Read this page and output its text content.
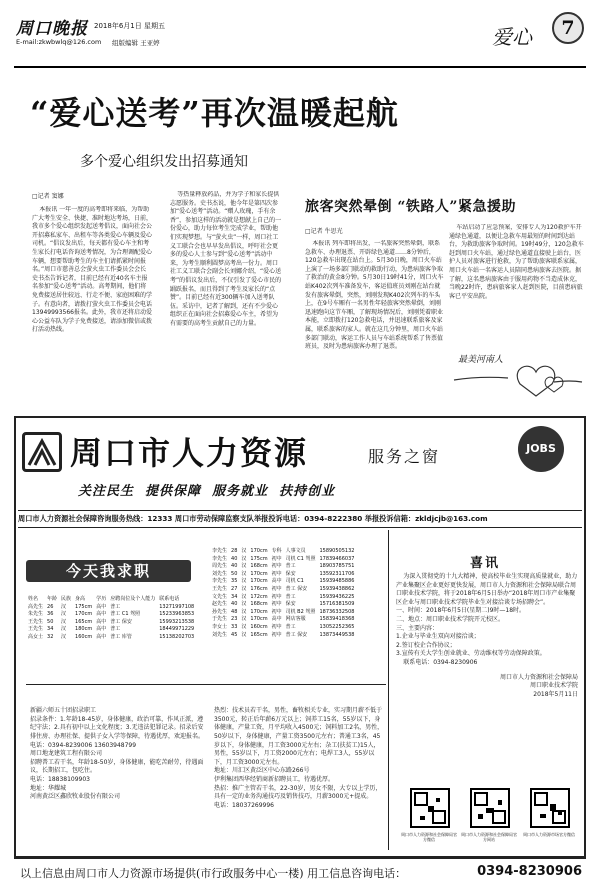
周口晚报 2018年6月1日 星期五
E-mail:zkwbwlq@126.com 组版编辑 王亚婷	爱心	7
“爱心送考”再次温暖起航
多个爱心组织发出招募通知
□记者 窦娜

本报讯 一年一度的高考即将来临，为帮助广大考生安全、快捷、准时地达考场，日前，我市多个爱心组织发起送考倡议，面向社会公开招募私家车、出租车等各类爱心车辆及爱心司机。“倡议发出后，每天都有爱心车主和考生家长打电话咨询送考情况，为合理调配爱心车辆，想要帮助考生的车主们请抓紧时间报名。”周口市慈善总会萤火虫工作委员会会长史书杰告诉记者，目前已经有近40名车主报名参加“爱心送考”活动。高考期间，他们将免费接送居住较远、行走不便、家庭困难的学子。有意向者，请拨打萤火虫工作委员会电话13949993566报名。此外，我市还将启动爱心公益车队为学子免费接送，请添加微信或拨打活动热线。

等热量释放药品，并为学子和家长提供志愿服务。史书杰说，他今年是第四次参加“爱心送考”活动。“赠人玫瑰，手有余香”，参加这样的活动就是想献上自己的一份爱心，助力每位考生完成学业，帮助他们实现梦想。与“萤火虫”一样，周口社工义工联合会也早早发出倡议，呼吁社会更多的爱心人士参与到“爱心送考”活动中来，为考生顺利圆梦高考出一份力。周口社工义工联合会副会长刘娜介绍，“爱心送考”的倡议发出后，不仅引发了爱心市民的踊跃报名，而且得到了考生及家长的“点赞”。目前已经有近300辆车加入送考队伍。采访中，记者了解到，还有不少爱心组织正在面向社会招募爱心车主，希望为有需要的高考生贡献自己的力量。

旅客突然晕倒 “铁路人”紧急援助
□记者 牛思光

本报讯 列车即将出发，一名旅客突然晕倒，联系急救车、办理退票、开辟绿色通道……8分钟后，120急救车出现在站台上。5月30日晚，周口火车站上演了一场多部门联动的救助行动，为患病旅客争取了救治的黄金8分钟。5月30日19时41分，周口火车站K402次列车准备发车，客运值班员刘刚在站台就发有旅客晕倒，突然，刘刚发现K402次列车的车头上，在9号车厢有一名男性年轻旅客突然晕倒，刘刚迅速跑向这节车厢，了解现场情况后，刘刚凭着职业本能，立即拨打120急救电话，并迅速联系旅客及家属，联系旅客的家人。就在这几分钟里，周口火车站多部门联动，客运工作人员与车站系统帮系了售票值班员，及时为患病旅客办理了退票。

车站启动了应急预案，安排专人为120救护车开通绿色通道，以便让急救车用最短的时间到达站台，为救助旅客争取时间。19时49分，120急救车赶到周口火车站，通过绿色通道直接驶上站台，医护人员对旅客进行抢救，为了帮助旅客联系家属，周口火车站一名客运人员陪同患病旅客去医院。据了解，这名患病旅客由于服用药物不当造成休克，当晚22时许，患病旅客家人赶到医院，目前患病旅客已平安出院。

最美河南人
周口市人力资源	服务之窗	JOBS
关注民生  提供保障  服务就业  扶持创业
周口市人力资源社会保障咨询服务热线：12333 周口市劳动保障监察支队举报投诉电话：0394-8222380 举报投诉信箱：zkldjcjb@163.com
今天我求职
姓名	年龄	民族	身高	学历	应聘岗位及个人能力	联系电话
高先生	26	汉	175cm	高中	普工	13271997108
朱先生	36	汉	170cm	高中	普工 C1 驾照	15233963853
王先生	50	汉	165cm	高中	普工 保安	15993213538
王先生	34	汉	180cm	高中	普工	18449971229
高女士	32	汉	160cm	高中	普工 库管	15138202703
李先生	28	汉	170cm	专科	人事文员	15890505132
李先生	40	汉	175cm	初中	司机 C1 驾照	17839466037
周先生	40	汉	168cm	初中	普工	18903785751
刘先生	50	汉	170cm	初中	保安	13592311706
李先生	35	汉	170cm	高中	司机 C1	15939485886
王先生	27	汉	176cm	初中	普工 保安	15939438862
文先生	34	汉	172cm	初中	普工	15939436225
赵先生	40	汉	168cm	初中	保安	15716381509
孙先生	48	汉	170cm	初中	司机 B2 驾照	18736332508
于先生	23	汉	170cm	高中	网店客服	15839418368
李女士	33	汉	160cm	初中	普工	13052252365
刘先生	45	汉	165cm	初中	普工 保安	13873449538
喜讯

为深入贯彻党的十九大精神，使高校毕业生实现高质量就业，助力产业集聚区企业更好更快发展，周口市人力资源和社会保障局联合周口职业技术学院，将于2018年6月5日举办“2018年周口市产业集聚区企业与周口职业技术学院毕业生对接洽谈专场招聘会”。

一、时间：2018年6月5日(星期二)9时—18时。

二、地点：周口职业技术学院开元校区。

三、主要内容：

1.企业与毕业生双向对接洽谈；

2.签订校企合作协议；

3.宣传有关大学生创业就业、劳动维权等劳动保障政策。

联系电话：0394-8230906

周口市人力资源和社会保障局

周口职业技术学院

2018年5月11日

新疆六师五十团招录职工
招录条件：1.年龄18-45岁，身体健康，政治可靠，作风正派，遵纪守法；2.具有初中以上文化程度；3.无违法犯罪记录。招录后安排住房、办理社保、提供子女入学等保障，待遇优厚，欢迎报名。
电话：0394-8239006 13603948799
周口地龙建筑工程有限公司
招聘普工若干名，年龄18-50岁，身体健康，能吃苦耐劳，待遇面议，长期招工，包吃住。
电话：18838109903
地址：华耀城
河南黄泛区鑫欣牧业股份有限公司

热烈：技术员若干名，男性，畜牧相关专业，实习期月薪不低于3500元，转正后年薪6万元以上；饲养工15名，55岁以下，身体健康，产量工资，月平均收入4500元；饲料加工2名，男性，50岁以下，身体健康，产量工资3500元左右；普通工3名，45岁以下，身体健康，月工资3000元左右；杂工(扶贫工)15人，男性，55岁以下，月工资2000元左右；电焊工3人，55岁以下，月工资3000元左右。
地址：川汇区黄泛区中心东路266号
伊利集团西华经销商新招聘员工，待遇优厚。
热招：推广主管若干名，22-30岁，男女不限，大专以上学历，具有一定的业务沟通技巧及销售技巧，月薪3000元+提成。
电话：18037269996

周口市人力资源和社会保障局官方微信
周口市人力资源和社会保障局官方网站
周口市人力资源市场官方微信
以上信息由周口市人力资源市场提供(市行政服务中心一楼) 用工信息咨询电话：	0394-8230906
